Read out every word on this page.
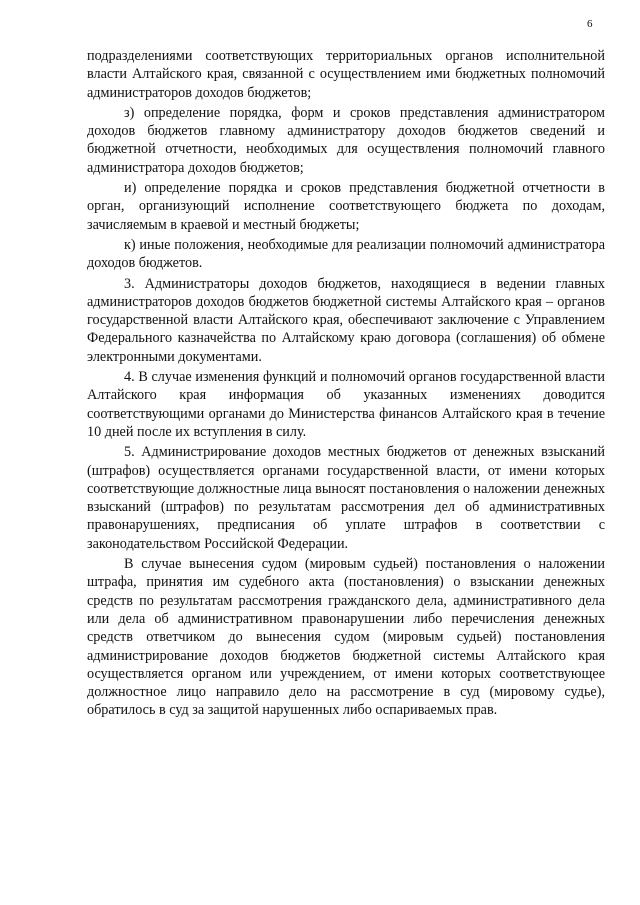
6

подразделениями соответствующих территориальных органов исполнительной власти Алтайского края, связанной с осуществлением ими бюджетных полномочий администраторов доходов бюджетов;

з) определение порядка, форм и сроков представления администратором доходов бюджетов главному администратору доходов бюджетов сведений и бюджетной отчетности, необходимых для осуществления полномочий главного администратора доходов бюджетов;

и) определение порядка и сроков представления бюджетной отчетности в орган, организующий исполнение соответствующего бюджета по доходам, зачисляемым в краевой и местный бюджеты;

к) иные положения, необходимые для реализации полномочий администратора доходов бюджетов.

3. Администраторы доходов бюджетов, находящиеся в ведении главных администраторов доходов бюджетов бюджетной системы Алтайского края – органов государственной власти Алтайского края, обеспечивают заключение с Управлением Федерального казначейства по Алтайскому краю договора (соглашения) об обмене электронными документами.

4. В случае изменения функций и полномочий органов государственной власти Алтайского края информация об указанных изменениях доводится соответствующими органами до Министерства финансов Алтайского края в течение 10 дней после их вступления в силу.

5. Администрирование доходов местных бюджетов от денежных взысканий (штрафов) осуществляется органами государственной власти, от имени которых соответствующие должностные лица выносят постановления о наложении денежных взысканий (штрафов) по результатам рассмотрения дел об административных правонарушениях, предписания об уплате штрафов в соответствии с законодательством Российской Федерации.

В случае вынесения судом (мировым судьей) постановления о наложении штрафа, принятия им судебного акта (постановления) о взыскании денежных средств по результатам рассмотрения гражданского дела, административного дела или дела об административном правонарушении либо перечисления денежных средств ответчиком до вынесения судом (мировым судьей) постановления администрирование доходов бюджетов бюджетной системы Алтайского края осуществляется органом или учреждением, от имени которых соответствующее должностное лицо направило дело на рассмотрение в суд (мировому судье), обратилось в суд за защитой нарушенных либо оспариваемых прав.
